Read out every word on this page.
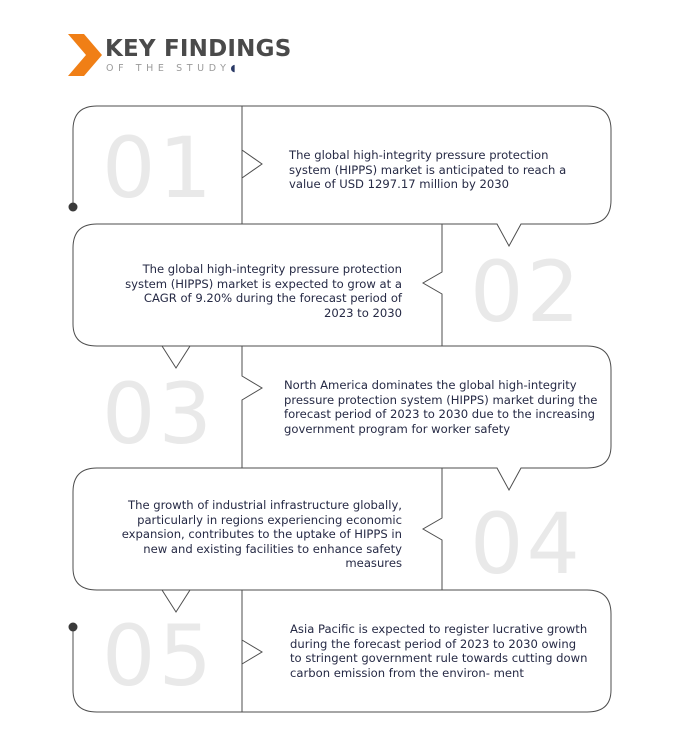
KEY FINDINGS
OF THE STUDY◖
01
02
03
04
05
The global high-integrity pressure protection system (HIPPS) market is anticipated to reach a value of USD 1297.17 million by 2030
The global high-integrity pressure protection system (HIPPS) market is expected to grow at a CAGR of 9.20% during the forecast period of 2023 to 2030
North America dominates the global high-integrity pressure protection system (HIPPS) market during the forecast period of 2023 to 2030 due to the increasing government program for worker safety
The growth of industrial infrastructure globally, particularly in regions experiencing economic expansion, contributes to the uptake of HIPPS in new and existing facilities to enhance safety measures
Asia Pacific is expected to register lucrative growth during the forecast period of 2023 to 2030 owing to stringent government rule towards cutting down carbon emission from the environ- ment
